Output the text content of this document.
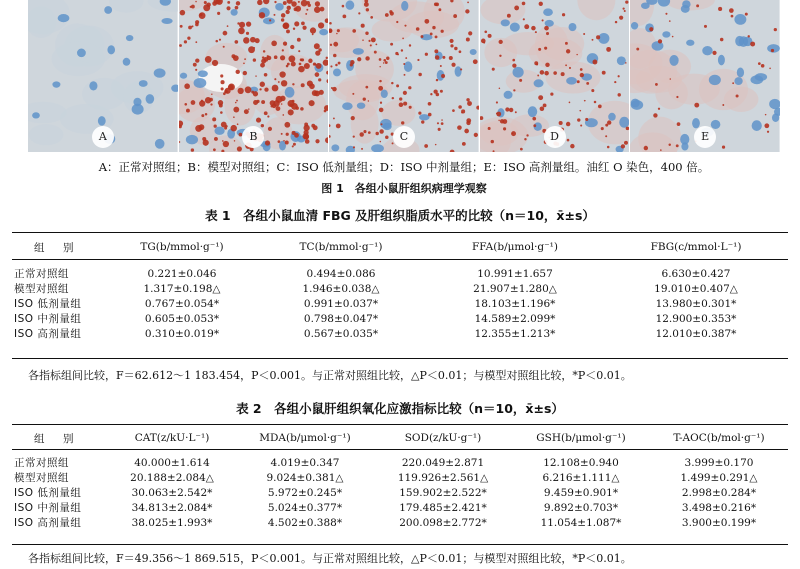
A	B	C	D	E
A：正常对照组；B：模型对照组；C：ISO 低剂量组；D：ISO 中剂量组；E：ISO 高剂量组。油红 O 染色，400 倍。
图 1　各组小鼠肝组织病理学观察
表 1　各组小鼠血清 FBG 及肝组织脂质水平的比较（n＝10，x̄±s）
组　别	TG(b/mmol·g⁻¹)	TC(b/mmol·g⁻¹)	FFA(b/μmol·g⁻¹)	FBG(c/mmol·L⁻¹)

正常对照组	0.221±0.046	0.494±0.086	10.991±1.657	6.630±0.427
模型对照组	1.317±0.198△	1.946±0.038△	21.907±1.280△	19.010±0.407△
ISO 低剂量组	0.767±0.054*	0.991±0.037*	18.103±1.196*	13.980±0.301*
ISO 中剂量组	0.605±0.053*	0.798±0.047*	14.589±2.099*	12.900±0.353*
ISO 高剂量组	0.310±0.019*	0.567±0.035*	12.355±1.213*	12.010±0.387*
各指标组间比较，F＝62.612～1 183.454，P＜0.001。与正常对照组比较，△P＜0.01；与模型对照组比较，*P＜0.01。
表 2　各组小鼠肝组织氧化应激指标比较（n＝10，x̄±s）
组　别	CAT(z/kU·L⁻¹)	MDA(b/μmol·g⁻¹)	SOD(z/kU·g⁻¹)	GSH(b/μmol·g⁻¹)	T-AOC(b/mol·g⁻¹)

正常对照组	40.000±1.614	4.019±0.347	220.049±2.871	12.108±0.940	3.999±0.170
模型对照组	20.188±2.084△	9.024±0.381△	119.926±2.561△	6.216±1.111△	1.499±0.291△
ISO 低剂量组	30.063±2.542*	5.972±0.245*	159.902±2.522*	9.459±0.901*	2.998±0.284*
ISO 中剂量组	34.813±2.084*	5.024±0.377*	179.485±2.421*	9.892±0.703*	3.498±0.216*
ISO 高剂量组	38.025±1.993*	4.502±0.388*	200.098±2.772*	11.054±1.087*	3.900±0.199*
各指标组间比较，F＝49.356～1 869.515，P＜0.001。与正常对照组比较，△P＜0.01；与模型对照组比较，*P＜0.01。
